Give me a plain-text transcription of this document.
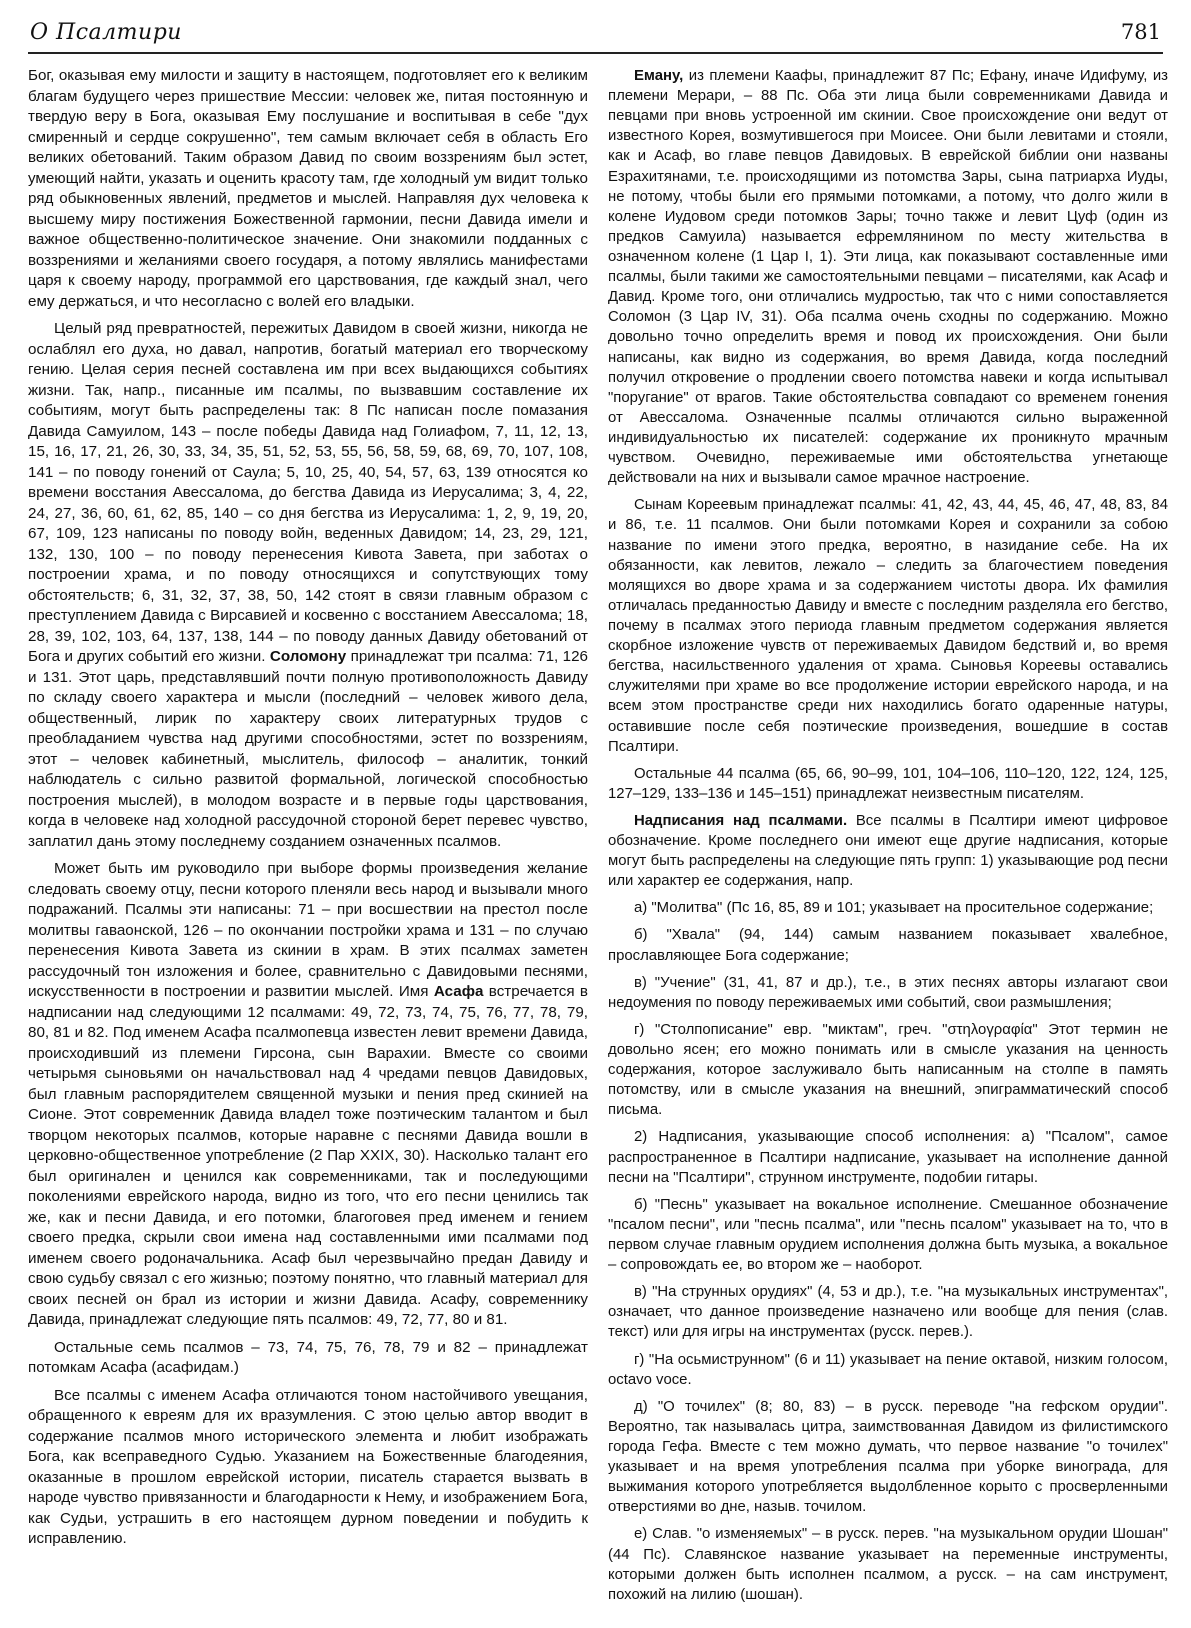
О Псалтири	781

Бог, оказывая ему милости и защиту в настоящем, подготовляет его к великим благам будущего через пришествие Мессии: человек же, питая постоянную и твердую веру в Бога, оказывая Ему послушание и воспитывая в себе "дух смиренный и сердце сокрушенно", тем самым включает себя в область Его великих обетований. Таким образом Давид по своим воззрениям был эстет, умеющий найти, указать и оценить красоту там, где холодный ум видит только ряд обыкновенных явлений, предметов и мыслей. Направляя дух человека к высшему миру постижения Божественной гармонии, песни Давида имели и важное общественно-политическое значение. Они знакомили подданных с воззрениями и желаниями своего государя, а потому являлись манифестами царя к своему народу, программой его царствования, где каждый знал, чего ему держаться, и что несогласно с волей его владыки.

Целый ряд превратностей, пережитых Давидом в своей жизни, никогда не ослаблял его духа, но давал, напротив, богатый материал его творческому гению. Целая серия песней составлена им при всех выдающихся событиях жизни. Так, напр., писанные им псалмы, по вызвавшим составление их событиям, могут быть распределены так: 8 Пс написан после помазания Давида Самуилом, 143 – после победы Давида над Голиафом, 7, 11, 12, 13, 15, 16, 17, 21, 26, 30, 33, 34, 35, 51, 52, 53, 55, 56, 58, 59, 68, 69, 70, 107, 108, 141 – по поводу гонений от Саула; 5, 10, 25, 40, 54, 57, 63, 139 относятся ко времени восстания Авессалома, до бегства Давида из Иерусалима; 3, 4, 22, 24, 27, 36, 60, 61, 62, 85, 140 – со дня бегства из Иерусалима: 1, 2, 9, 19, 20, 67, 109, 123 написаны по поводу войн, веденных Давидом; 14, 23, 29, 121, 132, 130, 100 – по поводу перенесения Кивота Завета, при заботах о построении храма, и по поводу относящихся и сопутствующих тому обстоятельств; 6, 31, 32, 37, 38, 50, 142 стоят в связи главным образом с преступлением Давида с Вирсавией и косвенно с восстанием Авессалома; 18, 28, 39, 102, 103, 64, 137, 138, 144 – по поводу данных Давиду обетований от Бога и других событий его жизни. Соломону принадлежат три псалма: 71, 126 и 131. Этот царь, представлявший почти полную противоположность Давиду по складу своего характера и мысли (последний – человек живого дела, общественный, лирик по характеру своих литературных трудов с преобладанием чувства над другими способностями, эстет по воззрениям, этот – человек кабинетный, мыслитель, философ – аналитик, тонкий наблюдатель с сильно развитой формальной, логической способностью построения мыслей), в молодом возрасте и в первые годы царствования, когда в человеке над холодной рассудочной стороной берет перевес чувство, заплатил дань этому последнему созданием означенных псалмов.

Может быть им руководило при выборе формы произведения желание следовать своему отцу, песни которого пленяли весь народ и вызывали много подражаний. Псалмы эти написаны: 71 – при восшествии на престол после молитвы гаваонской, 126 – по окончании постройки храма и 131 – по случаю перенесения Кивота Завета из скинии в храм. В этих псалмах заметен рассудочный тон изложения и более, сравнительно с Давидовыми песнями, искусственности в построении и развитии мыслей. Имя Асафа встречается в надписании над следующими 12 псалмами: 49, 72, 73, 74, 75, 76, 77, 78, 79, 80, 81 и 82. Под именем Асафа псалмопевца известен левит времени Давида, происходивший из племени Гирсона, сын Варахии. Вместе со своими четырьмя сыновьями он начальствовал над 4 чредами певцов Давидовых, был главным распорядителем священной музыки и пения пред скинией на Сионе. Этот современник Давида владел тоже поэтическим талантом и был творцом некоторых псалмов, которые наравне с песнями Давида вошли в церковно-общественное употребление (2 Пар XXIX, 30). Насколько талант его был оригинален и ценился как современниками, так и последующими поколениями еврейского народа, видно из того, что его песни ценились так же, как и песни Давида, и его потомки, благоговея пред именем и гением своего предка, скрыли свои имена над составленными ими псалмами под именем своего родоначальника. Асаф был черезвычайно предан Давиду и свою судьбу связал с его жизнью; поэтому понятно, что главный материал для своих песней он брал из истории и жизни Давида. Асафу, современнику Давида, принадлежат следующие пять псалмов: 49, 72, 77, 80 и 81.

Остальные семь псалмов – 73, 74, 75, 76, 78, 79 и 82 – принадлежат потомкам Асафа (асафидам.)

Все псалмы с именем Асафа отличаются тоном настойчивого увещания, обращенного к евреям для их вразумления. С этою целью автор вводит в содержание псалмов много исторического элемента и любит изображать Бога, как всеправедного Судью. Указанием на Божественные благодеяния, оказанные в прошлом еврейской истории, писатель старается вызвать в народе чувство привязанности и благодарности к Нему, и изображением Бога, как Судьи, устрашить в его настоящем дурном поведении и побудить к исправлению.

Еману, из племени Каафы, принадлежит 87 Пс; Ефану, иначе Идифуму, из племени Мерари, – 88 Пс. Оба эти лица были современниками Давида и певцами при вновь устроенной им скинии. Свое происхождение они ведут от известного Корея, возмутившегося при Моисее. Они были левитами и стояли, как и Асаф, во главе певцов Давидовых. В еврейской библии они названы Езрахитянами, т.е. происходящими из потомства Зары, сына патриарха Иуды, не потому, чтобы были его прямыми потомками, а потому, что долго жили в колене Иудовом среди потомков Зары; точно также и левит Цуф (один из предков Самуила) называется ефремлянином по месту жительства в означенном колене (1 Цар I, 1). Эти лица, как показывают составленные ими псалмы, были такими же самостоятельными певцами – писателями, как Асаф и Давид. Кроме того, они отличались мудростью, так что с ними сопоставляется Соломон (3 Цар IV, 31). Оба псалма очень сходны по содержанию. Можно довольно точно определить время и повод их происхождения. Они были написаны, как видно из содержания, во время Давида, когда последний получил откровение о продлении своего потомства навеки и когда испытывал "поругание" от врагов. Такие обстоятельства совпадают со временем гонения от Авессалома. Означенные псалмы отличаются сильно выраженной индивидуальностью их писателей: содержание их проникнуто мрачным чувством. Очевидно, переживаемые ими обстоятельства угнетающе действовали на них и вызывали самое мрачное настроение.

Сынам Кореевым принадлежат псалмы: 41, 42, 43, 44, 45, 46, 47, 48, 83, 84 и 86, т.е. 11 псалмов. Они были потомками Корея и сохранили за собою название по имени этого предка, вероятно, в назидание себе. На их обязанности, как левитов, лежало – следить за благочестием поведения молящихся во дворе храма и за содержанием чистоты двора. Их фамилия отличалась преданностью Давиду и вместе с последним разделяла его бегство, почему в псалмах этого периода главным предметом содержания является скорбное изложение чувств от переживаемых Давидом бедствий и, во время бегства, насильственного удаления от храма. Сыновья Кореевы оставались служителями при храме во все продолжение истории еврейского народа, и на всем этом пространстве среди них находились богато одаренные натуры, оставившие после себя поэтические произведения, вошедшие в состав Псалтири.

Остальные 44 псалма (65, 66, 90–99, 101, 104–106, 110–120, 122, 124, 125, 127–129, 133–136 и 145–151) принадлежат неизвестным писателям.

Надписания над псалмами. Все псалмы в Псалтири имеют цифровое обозначение. Кроме последнего они имеют еще другие надписания, которые могут быть распределены на следующие пять групп: 1) указывающие род песни или характер ее содержания, напр.

а) "Молитва" (Пс 16, 85, 89 и 101; указывает на просительное содержание;

б) "Хвала" (94, 144) самым названием показывает хвалебное, прославляющее Бога содержание;

в) "Учение" (31, 41, 87 и др.), т.е., в этих песнях авторы излагают свои недоумения по поводу переживаемых ими событий, свои размышления;

г) "Столпописание" евр. "миктам", греч. "στηλογραφία" Этот термин не довольно ясен; его можно понимать или в смысле указания на ценность содержания, которое заслуживало быть написанным на столпе в память потомству, или в смысле указания на внешний, эпиграмматический способ письма.

2) Надписания, указывающие способ исполнения: а) "Псалом", самое распространенное в Псалтири надписание, указывает на исполнение данной песни на "Псалтири", струнном инструменте, подобии гитары.

б) "Песнь" указывает на вокальное исполнение. Смешанное обозначение "псалом песни", или "песнь псалма", или "песнь псалом" указывает на то, что в первом случае главным орудием исполнения должна быть музыка, а вокальное – сопровождать ее, во втором же – наоборот.

в) "На струнных орудиях" (4, 53 и др.), т.е. "на музыкальных инструментах", означает, что данное произведение назначено или вообще для пения (слав. текст) или для игры на инструментах (русск. перев.).

г) "На осьмиструнном" (6 и 11) указывает на пение октавой, низким голосом, octavo voce.

д) "О точилех" (8; 80, 83) – в русск. переводе "на гефском орудии". Вероятно, так называлась цитра, заимствованная Давидом из филистимского города Гефа. Вместе с тем можно думать, что первое название "о точилех" указывает и на время употребления псалма при уборке винограда, для выжимания которого употребляется выдолбленное корыто с просверленными отверстиями во дне, назыв. точилом.

е) Слав. "о изменяемых" – в русск. перев. "на музыкальном орудии Шошан" (44 Пс). Славянское название указывает на переменные инструменты, которыми должен быть исполнен псалмом, а русск. – на сам инструмент, похожий на лилию (шошан).
